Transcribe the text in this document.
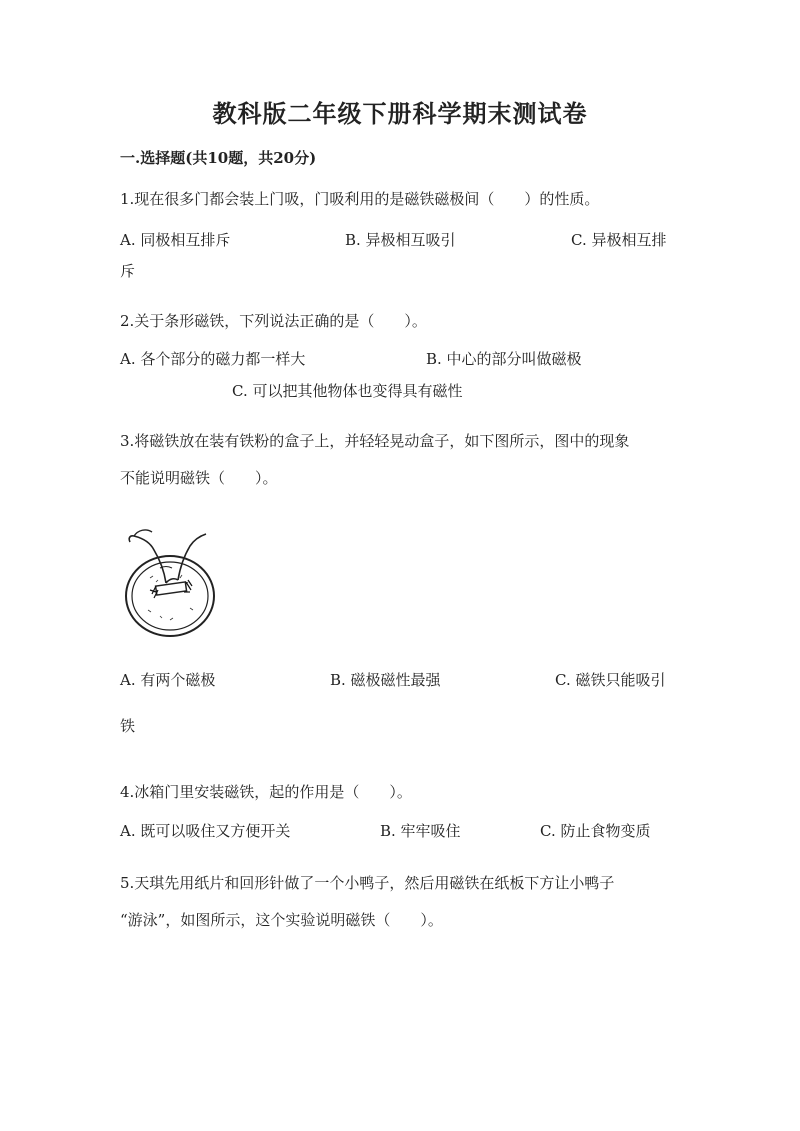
教科版二年级下册科学期末测试卷
一.选择题(共10题，共20分)
1.现在很多门都会装上门吸，门吸利用的是磁铁磁极间（　　）的性质。
A. 同极相互排斥	B. 异极相互吸引	C. 异极相互排
斥
2.关于条形磁铁，下列说法正确的是（　　）。
A. 各个部分的磁力都一样大	B. 中心的部分叫做磁极
C. 可以把其他物体也变得具有磁性
3.将磁铁放在装有铁粉的盒子上，并轻轻晃动盒子，如下图所示，图中的现象
不能说明磁铁（　　）。
A. 有两个磁极	B. 磁极磁性最强	C. 磁铁只能吸引
铁
4.冰箱门里安装磁铁，起的作用是（　　）。
A. 既可以吸住又方便开关	B. 牢牢吸住	C. 防止食物变质
5.天琪先用纸片和回形针做了一个小鸭子，然后用磁铁在纸板下方让小鸭子
“游泳”，如图所示，这个实验说明磁铁（　　）。
